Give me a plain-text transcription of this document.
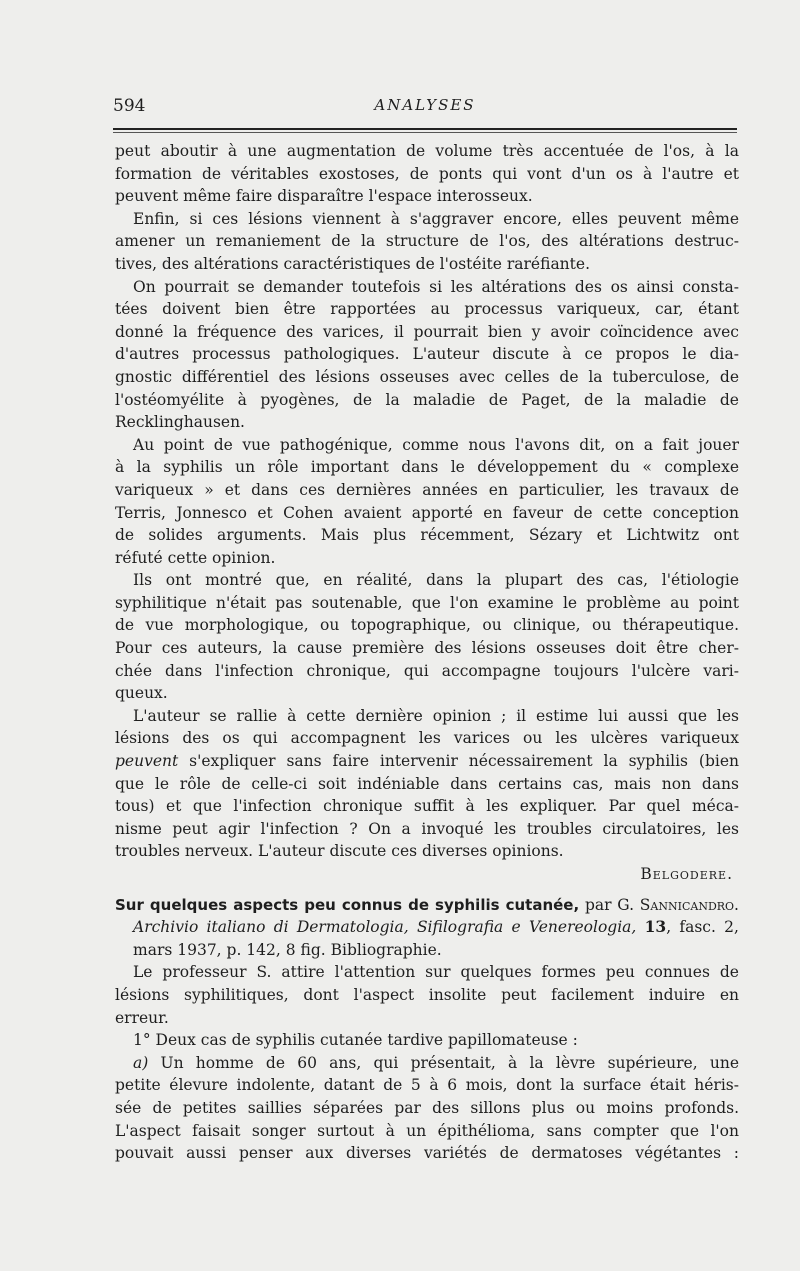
594	ANALYSES
peut aboutir à une augmentation de volume très accentuée de l'os, à la
formation de véritables exostoses, de ponts qui vont d'un os à l'autre et
peuvent même faire disparaître l'espace interosseux.
Enfin, si ces lésions viennent à s'aggraver encore, elles peuvent même
amener un remaniement de la structure de l'os, des altérations destruc-
tives, des altérations caractéristiques de l'ostéite raréfiante.
On pourrait se demander toutefois si les altérations des os ainsi consta-
tées doivent bien être rapportées au processus variqueux, car, étant
donné la fréquence des varices, il pourrait bien y avoir coïncidence avec
d'autres processus pathologiques. L'auteur discute à ce propos le dia-
gnostic différentiel des lésions osseuses avec celles de la tuberculose, de
l'ostéomyélite à pyogènes, de la maladie de Paget, de la maladie de
Recklinghausen.
Au point de vue pathogénique, comme nous l'avons dit, on a fait jouer
à la syphilis un rôle important dans le développement du « complexe
variqueux » et dans ces dernières années en particulier, les travaux de
Terris, Jonnesco et Cohen avaient apporté en faveur de cette conception
de solides arguments. Mais plus récemment, Sézary et Lichtwitz ont
réfuté cette opinion.
Ils ont montré que, en réalité, dans la plupart des cas, l'étiologie
syphilitique n'était pas soutenable, que l'on examine le problème au point
de vue morphologique, ou topographique, ou clinique, ou thérapeutique.
Pour ces auteurs, la cause première des lésions osseuses doit être cher-
chée dans l'infection chronique, qui accompagne toujours l'ulcère vari-
queux.
L'auteur se rallie à cette dernière opinion ; il estime lui aussi que les
lésions des os qui accompagnent les varices ou les ulcères variqueux
peuvent s'expliquer sans faire intervenir nécessairement la syphilis (bien
que le rôle de celle-ci soit indéniable dans certains cas, mais non dans
tous) et que l'infection chronique suffit à les expliquer. Par quel méca-
nisme peut agir l'infection ? On a invoqué les troubles circulatoires, les
troubles nerveux. L'auteur discute ces diverses opinions.
Belgodere.
Sur quelques aspects peu connus de syphilis cutanée, par G. Sannicandro.
Archivio italiano di Dermatologia, Sifilografia e Venereologia, 13, fasc. 2,
mars 1937, p. 142, 8 fig. Bibliographie.
Le professeur S. attire l'attention sur quelques formes peu connues de
lésions syphilitiques, dont l'aspect insolite peut facilement induire en
erreur.
1° Deux cas de syphilis cutanée tardive papillomateuse :
a) Un homme de 60 ans, qui présentait, à la lèvre supérieure, une
petite élevure indolente, datant de 5 à 6 mois, dont la surface était héris-
sée de petites saillies séparées par des sillons plus ou moins profonds.
L'aspect faisait songer surtout à un épithélioma, sans compter que l'on
pouvait aussi penser aux diverses variétés de dermatoses végétantes :
